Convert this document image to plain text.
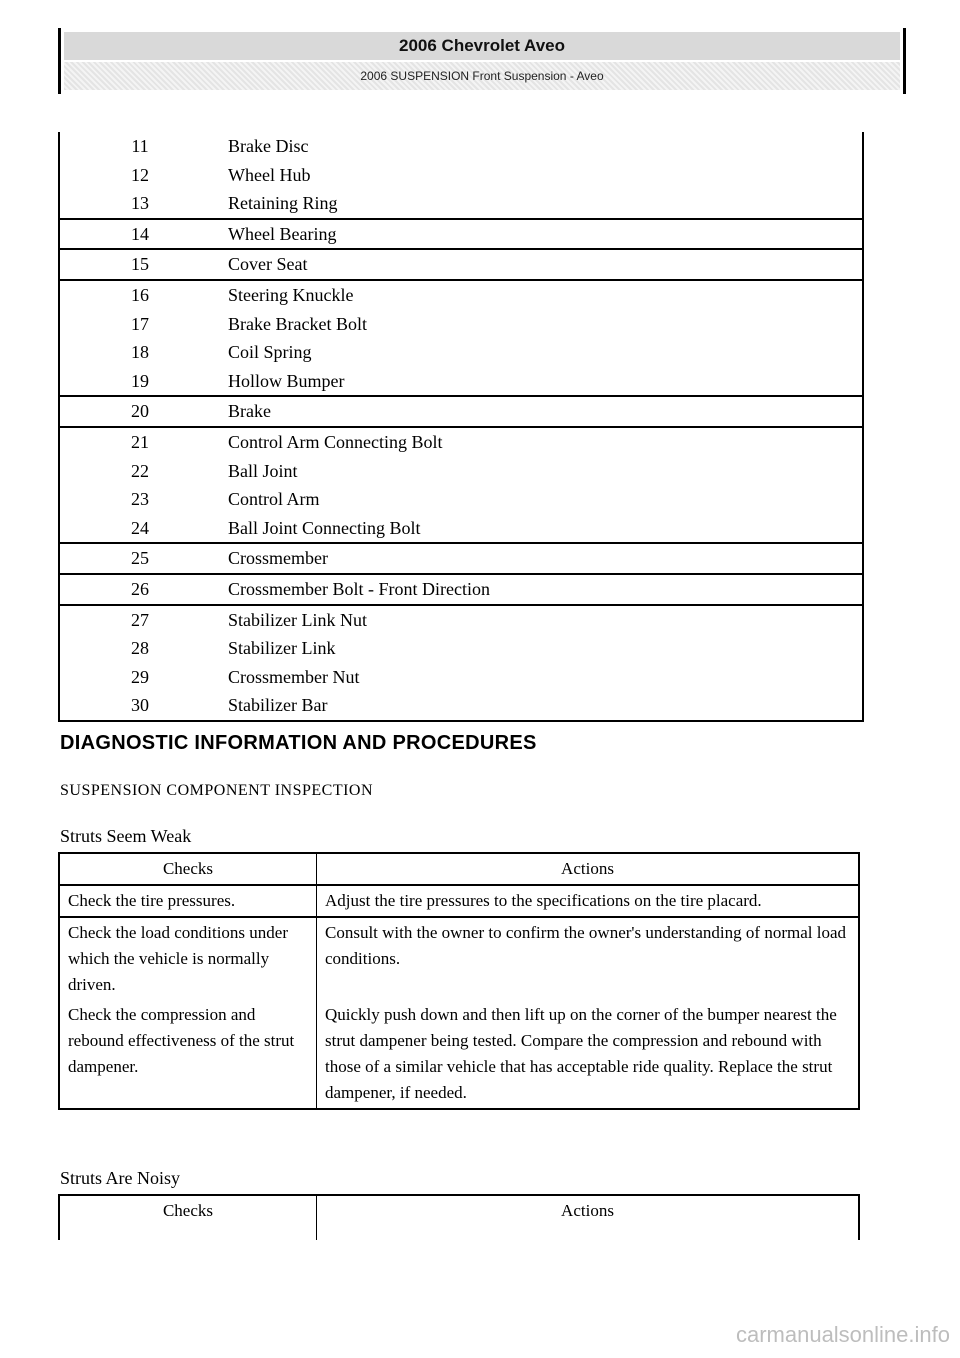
2006 Chevrolet Aveo
2006 SUSPENSION Front Suspension - Aveo
11	Brake Disc
12	Wheel Hub
13	Retaining Ring
14	Wheel Bearing
15	Cover Seat
16	Steering Knuckle
17	Brake Bracket Bolt
18	Coil Spring
19	Hollow Bumper
20	Brake
21	Control Arm Connecting Bolt
22	Ball Joint
23	Control Arm
24	Ball Joint Connecting Bolt
25	Crossmember
26	Crossmember Bolt - Front Direction
27	Stabilizer Link Nut
28	Stabilizer Link
29	Crossmember Nut
30	Stabilizer Bar
DIAGNOSTIC INFORMATION AND PROCEDURES
SUSPENSION COMPONENT INSPECTION
Struts Seem Weak
Checks	Actions
Check the tire pressures.	Adjust the tire pressures to the specifications on the tire placard.
Check the load conditions under which the vehicle is normally driven.	Consult with the owner to confirm the owner's understanding of normal load conditions.
Check the compression and rebound effectiveness of the strut dampener.	Quickly push down and then lift up on the corner of the bumper nearest the strut dampener being tested. Compare the compression and rebound with those of a similar vehicle that has acceptable ride quality. Replace the strut dampener, if needed.
Struts Are Noisy
Checks	Actions
carmanualsonline.info
